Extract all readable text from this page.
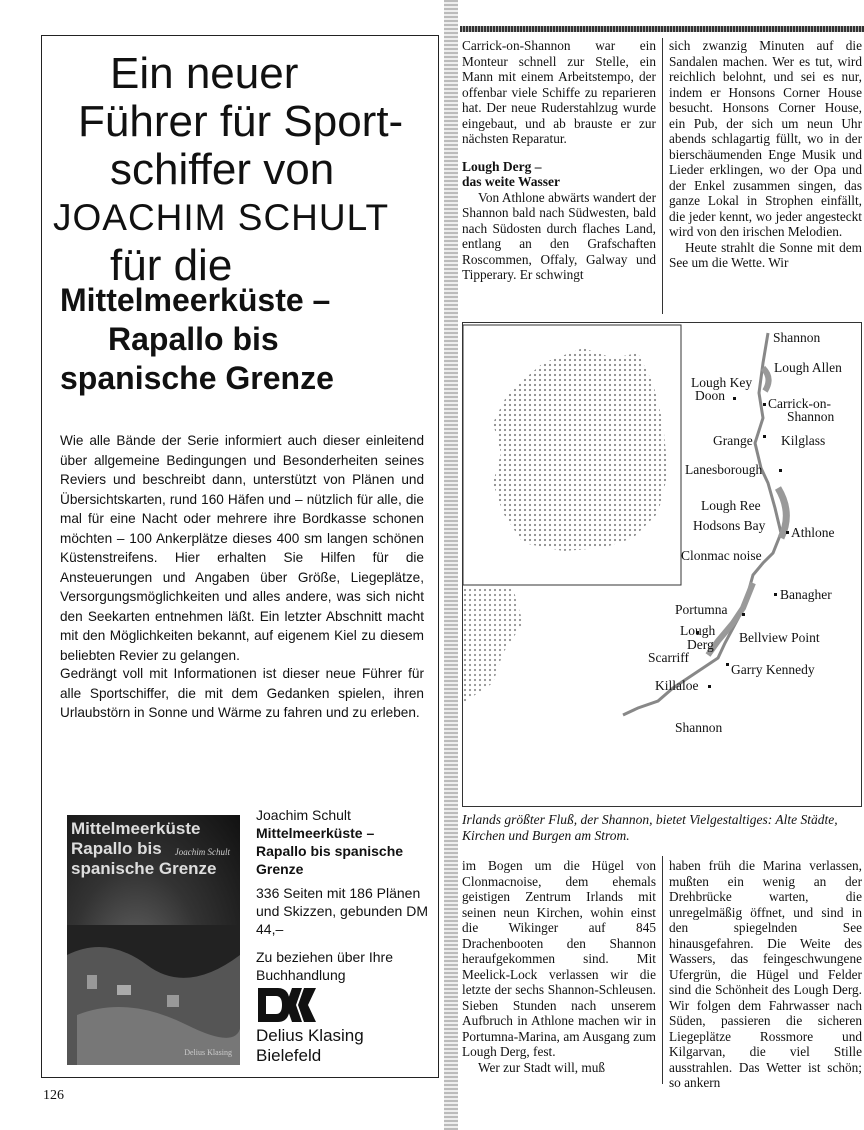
Ein neuer

Führer für Sport-

schiffer von

JOACHIM SCHULT

für die

Mittelmeerküste –

Rapallo bis

spanische Grenze

Wie alle Bände der Serie informiert auch dieser einleitend über allgemeine Bedingungen und Besonderheiten seines Reviers und beschreibt dann, unterstützt von Plänen und Übersichtskarten, rund 160 Häfen und – nützlich für alle, die mal für eine Nacht oder mehrere ihre Bordkasse schonen möchten – 100 Ankerplätze dieses 400 sm langen schönen Küstenstreifens. Hier erhalten Sie Hilfen für die Ansteuerungen und Angaben über Größe, Liegeplätze, Versorgungsmöglichkeiten und alles andere, was sich nicht den Seekarten entnehmen läßt. Ein letzter Abschnitt macht mit den Möglichkeiten bekannt, auf eigenem Kiel zu diesem beliebten Revier zu gelangen.

Gedrängt voll mit Informationen ist dieser neue Führer für alle Sportschiffer, die mit dem Gedanken spielen, ihren Urlaubstörn in Sonne und Wärme zu fahren und zu erleben.

Joachim Schult
Mittelmeerküste –
Rapallo bis spanische
Grenze
336 Seiten mit 186 Plänen und Skizzen, gebunden DM 44,–
Zu beziehen über Ihre Buchhandlung
Delius Klasing
Bielefeld
Mittelmeerküste Rapallo bis spanische Grenze
Joachim Schult
Delius Klasing
126

Carrick-on-Shannon war ein Monteur schnell zur Stelle, ein Mann mit einem Arbeitstempo, der offenbar viele Schiffe zu reparieren hat. Der neue Ruderstahlzug wurde eingebaut, und ab brauste er zur nächsten Reparatur.

Lough Derg –
das weite Wasser

Von Athlone abwärts wandert der Shannon bald nach Südwesten, bald nach Südosten durch flaches Land, entlang an den Grafschaften Roscommen, Offaly, Galway und Tipperary. Er schwingt

sich zwanzig Minuten auf die Sandalen machen. Wer es tut, wird reichlich belohnt, und sei es nur, indem er Honsons Corner House besucht. Honsons Corner House, ein Pub, der sich um neun Uhr abends schlagartig füllt, wo in der bierschäumenden Enge Musik und Lieder erklingen, wo der Opa und der Enkel zusammen singen, das ganze Lokal in Strophen einfällt, die jeder kennt, wo jeder angesteckt wird von den irischen Melodien.

Heute strahlt die Sonne mit dem See um die Wette. Wir

Shannon
Lough Allen
Lough Key
Doon
Carrick-on-
Shannon
Grange Kilglass
Lanesborough
Lough Ree
Hodsons Bay Athlone
Clonmac noise
Banagher
Portumna
Lough
Derg Bellview Point
Scarriff
Garry Kennedy
Killaloe
Shannon
Irlands größter Fluß, der Shannon, bietet Vielgestaltiges: Alte Städte, Kirchen und Burgen am Strom.

im Bogen um die Hügel von Clonmacnoise, dem ehemals geistigen Zentrum Irlands mit seinen neun Kirchen, wohin einst die Wikinger auf 845 Drachenbooten den Shannon heraufgekommen sind. Mit Meelick-Lock verlassen wir die letzte der sechs Shannon-Schleusen. Sieben Stunden nach unserem Aufbruch in Athlone machen wir in Portumna-Marina, am Ausgang zum Lough Derg, fest.

Wer zur Stadt will, muß

haben früh die Marina verlassen, mußten ein wenig an der Drehbrücke warten, die unregelmäßig öffnet, und sind in den spiegelnden See hinausgefahren. Die Weite des Wassers, das feingeschwungene Ufergrün, die Hügel und Felder sind die Schönheit des Lough Derg. Wir folgen dem Fahrwasser nach Süden, passieren die sicheren Liegeplätze Rossmore und Kilgarvan, die viel Stille ausstrahlen. Das Wetter ist schön; so ankern
